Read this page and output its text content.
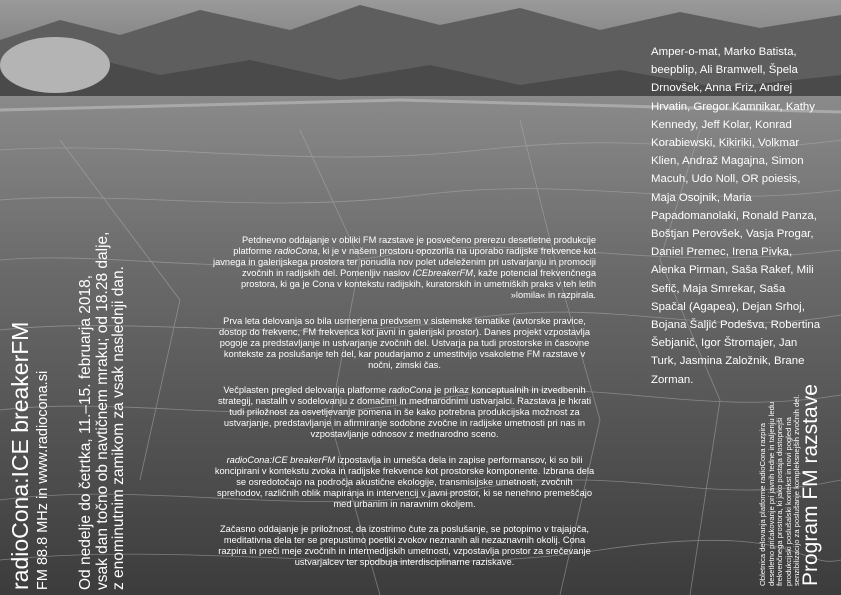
radioCona:ICE breakerFM FM 88.8 MHz in www.radiocona.si Od nedelje do četrtka, 11.–15. februarja 2018, vsak dan točno ob navtičnem mraku; od 18.28 dalje, z enominutnim zamikom za vsak naslednji dan.
Amper-o-mat, Marko Batista, beepblip, Ali Bramwell, Špela Drnovšek, Anna Friz, Andrej Hrvatin, Gregor Kamnikar, Kathy Kennedy, Jeff Kolar, Konrad Korabiewski, Kikiriki, Volkmar Klien, Andraž Magajna, Simon Macuh, Udo Noll, OR poiesis, Maja Osojnik, Maria Papadomanolaki, Ronald Panza, Boštjan Perovšek, Vasja Progar, Daniel Premec, Irena Pivka, Alenka Pirman, Saša Rakef, Mili Sefič, Maja Smrekar, Saša Spačal (Agapea), Dejan Srhoj, Bojana Šaljić Podešva, Robertina Šebjanič, Igor Štromajer, Jan Turk, Jasmina Založnik, Brane Zorman.

Petdnevno oddajanje v obliki FM razstave je posvečeno prerezu desetletne produkcije platforme radioCona, ki je v našem prostoru opozorila na uporabo radijske frekvence kot javnega in galerijskega prostora ter ponudila nov polet udeleženim pri ustvarjanju in promociji zvočnih in radijskih del. Pomenljiv naslov ICEbreakerFM, kaže potencial frekvenčnega prostora, ki ga je Cona v kontekstu radijskih, kuratorskih in umetniških praks v teh letih »lomila« in razpirala.

Prva leta delovanja so bila usmerjena predvsem v sistemske tematike (avtorske pravice, dostop do frekvenc, FM frekvenca kot javni in galerijski prostor). Danes projekt vzpostavlja pogoje za predstavljanje in ustvarjanje zvočnih del. Ustvarja pa tudi prostorske in časovne kontekste za poslušanje teh del, kar poudarjamo z umestitvijo vsakoletne FM razstave v nočni, zimski čas.

Večplasten pregled delovanja platforme radioCona je prikaz konceptualnih in izvedbenih strategij, nastalih v sodelovanju z domačimi in mednarodnimi ustvarjalci. Razstava je hkrati tudi priložnost za osvetljevanje pomena in še kako potrebna produkcijska možnost za ustvarjanje, predstavljanje in afirmiranje sodobne zvočne in radijske umetnosti pri nas in vzpostavljanje odnosov z mednarodno sceno.

radioCona:ICE breakerFM izpostavlja in umešča dela in zapise performansov, ki so bili koncipirani v kontekstu zvoka in radijske frekvence kot prostorske komponente. Izbrana dela se osredotočajo na področja akustične ekologije, transmisijske umetnosti, zvočnih sprehodov, različnih oblik mapiranja in intervencij v javni prostor, ki se nenehno premeščajo med urbanim in naravnim okoljem.

Začasno oddajanje je priložnost, da izostrimo čute za poslušanje, se potopimo v trajajoča, meditativna dela ter se prepustimo poetiki zvokov neznanih ali nezaznavnih okolij. Cona razpira in preči meje zvočnih in intermedijskih umetnosti, vzpostavlja prostor za srečevanje ustvarjalcev ter spodbuja interdisciplinarne raziskave.	Program FM razstave
Obletnica delovanja platforme radioCona razpira desetletno pričakovanje pri javnih tedne in taljenju ledu frekvenčnega prostora, ki jako postaja dostopnejši produkcijski poslušalski kontekst in novi pogled na senzibilizacijo za poslušanje kompleksnejših zvočnih del.
